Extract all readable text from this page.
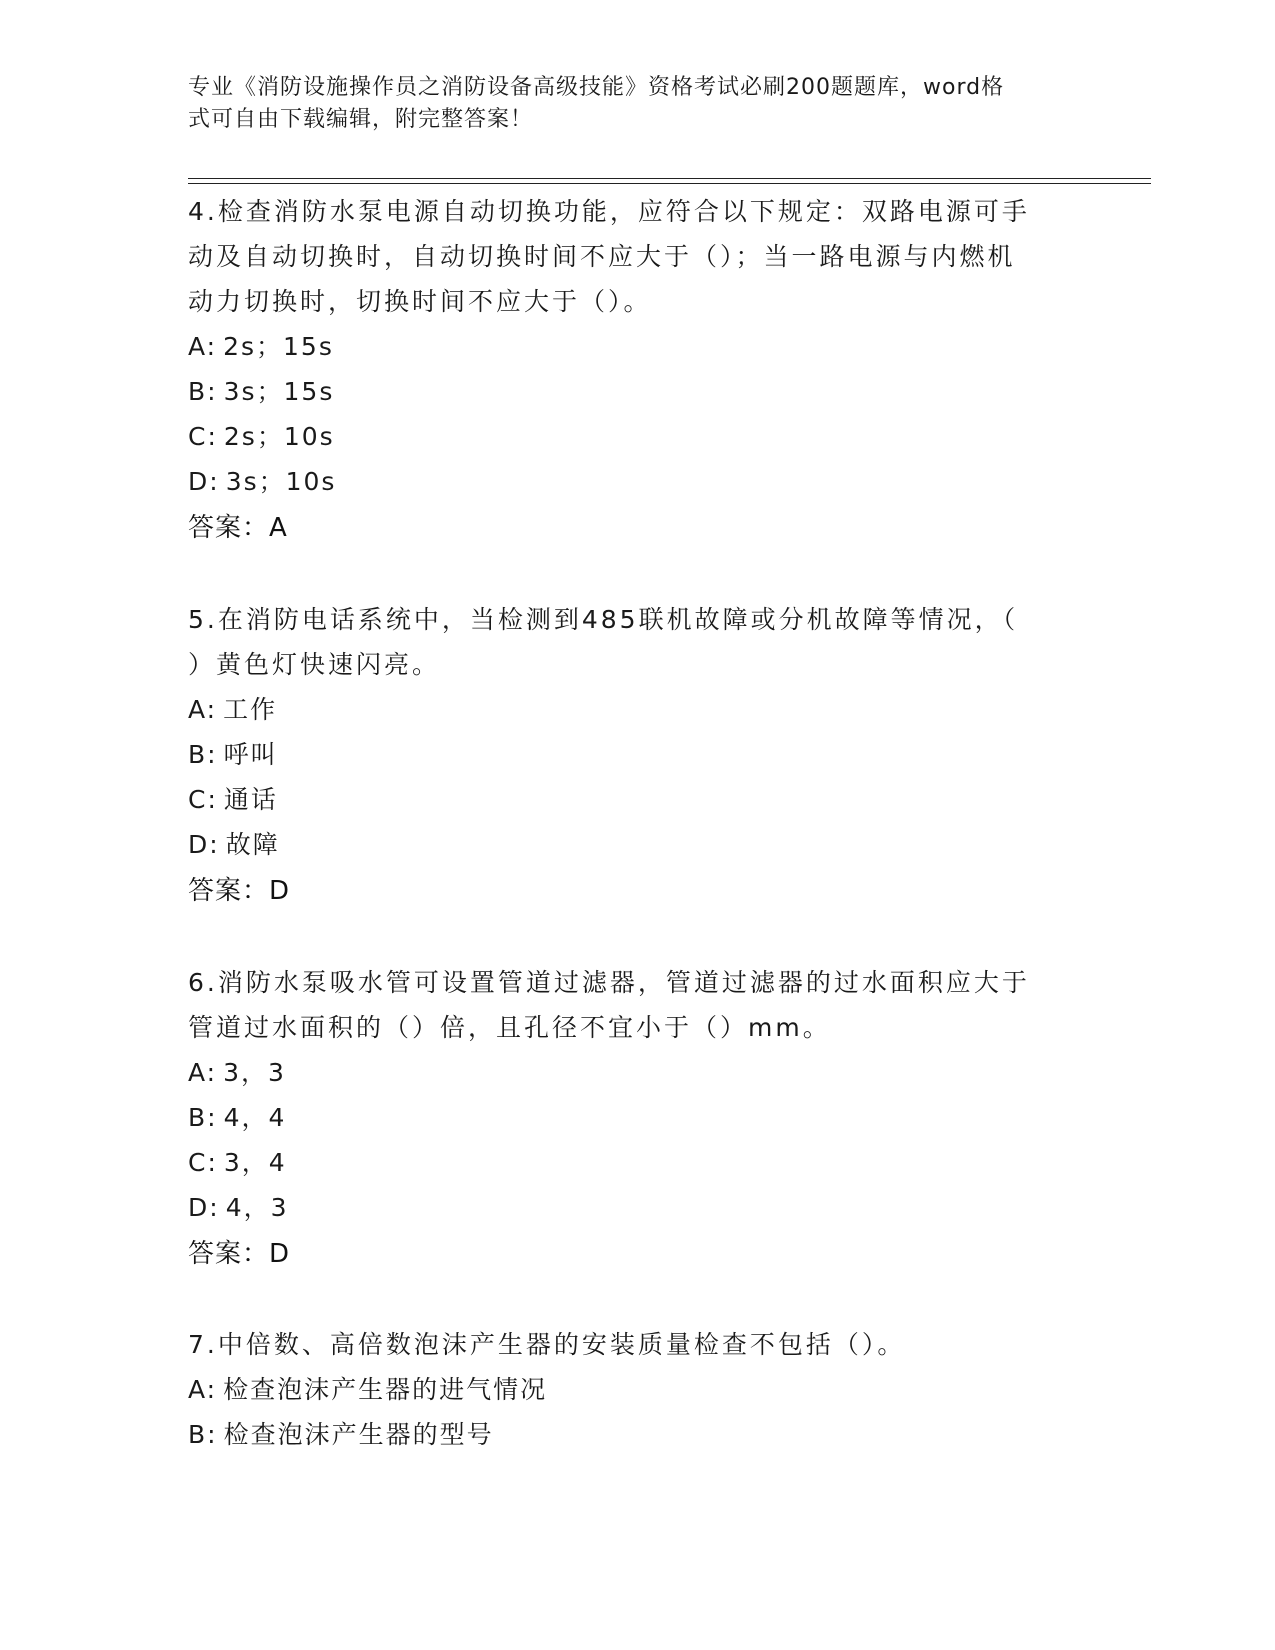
专业《消防设施操作员之消防设备高级技能》资格考试必刷200题题库，word格
式可自由下载编辑，附完整答案！

4.检查消防水泵电源自动切换功能，应符合以下规定：双路电源可手
动及自动切换时，自动切换时间不应大于（）；当一路电源与内燃机
动力切换时，切换时间不应大于（）。

A: 2s；15s
B: 3s；15s
C: 2s；10s
D: 3s；10s
答案：A

5.在消防电话系统中，当检测到485联机故障或分机故障等情况，（
）黄色灯快速闪亮。

A: 工作
B: 呼叫
C: 通话
D: 故障
答案：D

6.消防水泵吸水管可设置管道过滤器，管道过滤器的过水面积应大于
管道过水面积的（）倍，且孔径不宜小于（）mm。

A: 3，3
B: 4，4
C: 3，4
D: 4，3
答案：D

7.中倍数、高倍数泡沫产生器的安装质量检查不包括（）。

A: 检查泡沫产生器的进气情况
B: 检查泡沫产生器的型号
